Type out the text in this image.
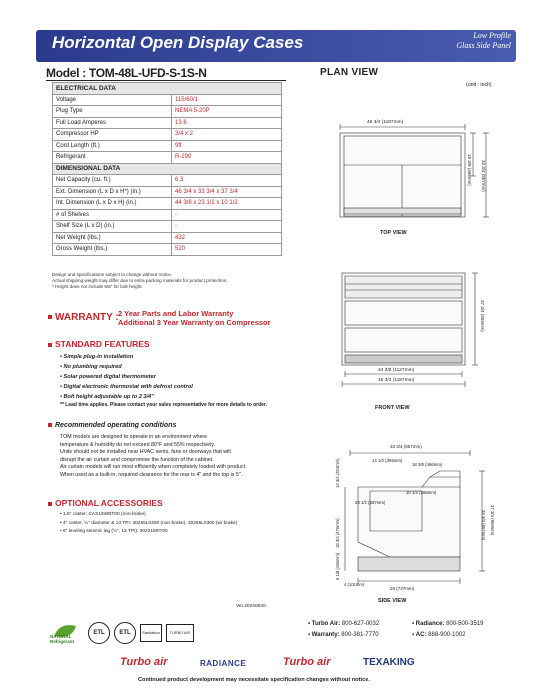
Horizontal Open Display Cases	Low Profile
Glass Side Panel
Model : TOM-48L-UFD-S-1S-N
ELECTRICAL DATA	
Voltage	115/60/1
Plug Type	NEMA 5-20P
Full Load Amperes	13.6
Compressor HP	3/4 x 2
Cord Length (ft.)	9ft
Refrigerant	R-290
DIMENSIONAL DATA	
Net Capacity (cu. ft.)	6.3
Ext. Dimension (L x D x H*) (in.)	46 3/4 x 33 3/4 x 37 3/4
Int. Dimension (L x D x H) (in.)	44 3/8 x 23 1/2 x 10 1/2
# of Shelves	-
Shelf Size (L x D) (in.)	-
Net Weight (lbs.)	432
Gross Weight (lbs.)	520
Design and specifications subject to change without notice.
Actual shipping weight may differ due to extra packing materials for product protection.
* Height does not include 5/8" for bolt height.
WARRANTY : 2 Year Parts and Labor Warranty
Additional 3 Year Warranty on Compressor
STANDARD FEATURES
• Simple plug-in installation
• No plumbing required
• Solar powered digital thermometer
• Digital electronic thermostat with defrost control
• Bolt height adjustable up to 2 3/4"
** Lead time applies. Please contact your sales representative for more details to order.
Recommended operating conditions
TOM models are designed to operate in an environment where
temperature & humidity do not exceed 80°F and 55% respectively.
Units should not be installed near HVAC vents, fans or doorways that will
disrupt the air curtain and compromise the function of the cabinet.
Air curtain models will run most efficiently when completely loaded with product.
When used as a built-in, required clearance for the rear is 4" and the top is 5".
OPTIONAL ACCESSORIES
• 1.6" caster: CAS16WBT00 (non-brake)
• 4" caster, ½" diameter & 13 TPI: 30265L0400 (non-brake), 30265L0300 (w/ brake)
• 6" leveling seismic leg (½", 13 TPI): 30221M0700
Ver.20240530
PLAN VIEW
(unit : inch)
46 3/4 (1187mm)
18 3/8 (466mm) 33 3/4 (857mm)
TOP VIEW
37 3/4 (959mm)
44 3/8 (1127mm)
46 3/4 (1187mm)
FRONT VIEW
33 3/4 (857mm)
14 1/2 (369mm)
18 3/8 (466mm)
23 1/2 (597mm)
10 1/2 (268mm)
12 3/4 (324mm)
18 3/4 (476mm)
6 1/8 (156mm)
4 (101mm)
37 3/4 (959mm)
33 3/4 (857mm)
29 (737mm)
SIDE VIEW
NATURAL
Refrigerant
ETL	ETL	Sanitation	TURBO AIR
▪ Turbo Air: 800-627-0032	▪ Radiance: 800-500-3519
▪ Warranty: 800-381-7770	▪ AC: 888-900-1002
Turbo air	RADIANCE	Turbo air	TEXAKING
Continued product development may necessitate specification changes without notice.
